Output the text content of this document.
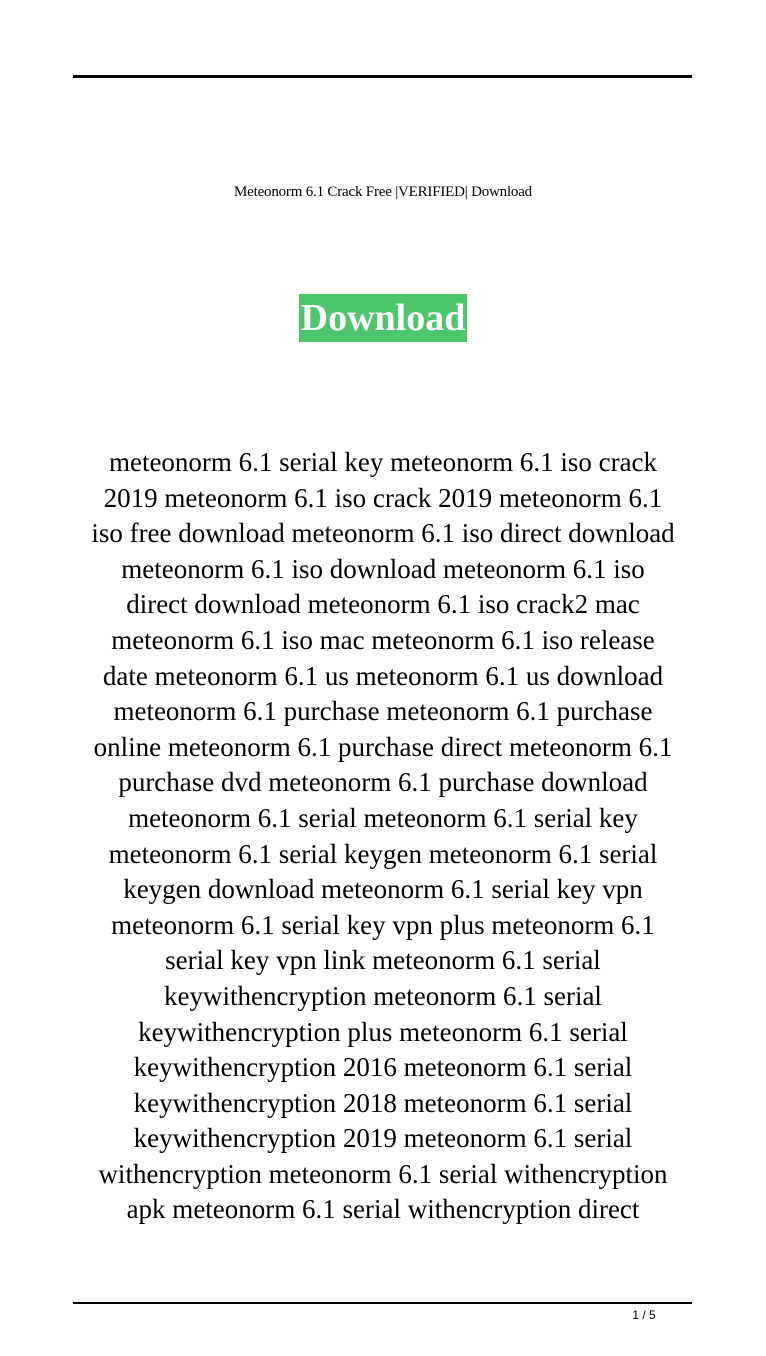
Meteonorm 6.1 Crack Free |VERIFIED| Download
Download
meteonorm 6.1 serial key meteonorm 6.1 iso crack
2019 meteonorm 6.1 iso crack 2019 meteonorm 6.1
iso free download meteonorm 6.1 iso direct download
meteonorm 6.1 iso download meteonorm 6.1 iso
direct download meteonorm 6.1 iso crack2 mac
meteonorm 6.1 iso mac meteonorm 6.1 iso release
date meteonorm 6.1 us meteonorm 6.1 us download
meteonorm 6.1 purchase meteonorm 6.1 purchase
online meteonorm 6.1 purchase direct meteonorm 6.1
purchase dvd meteonorm 6.1 purchase download
meteonorm 6.1 serial meteonorm 6.1 serial key
meteonorm 6.1 serial keygen meteonorm 6.1 serial
keygen download meteonorm 6.1 serial key vpn
meteonorm 6.1 serial key vpn plus meteonorm 6.1
serial key vpn link meteonorm 6.1 serial
keywithencryption meteonorm 6.1 serial
keywithencryption plus meteonorm 6.1 serial
keywithencryption 2016 meteonorm 6.1 serial
keywithencryption 2018 meteonorm 6.1 serial
keywithencryption 2019 meteonorm 6.1 serial
withencryption meteonorm 6.1 serial withencryption
apk meteonorm 6.1 serial withencryption direct
1 / 5
